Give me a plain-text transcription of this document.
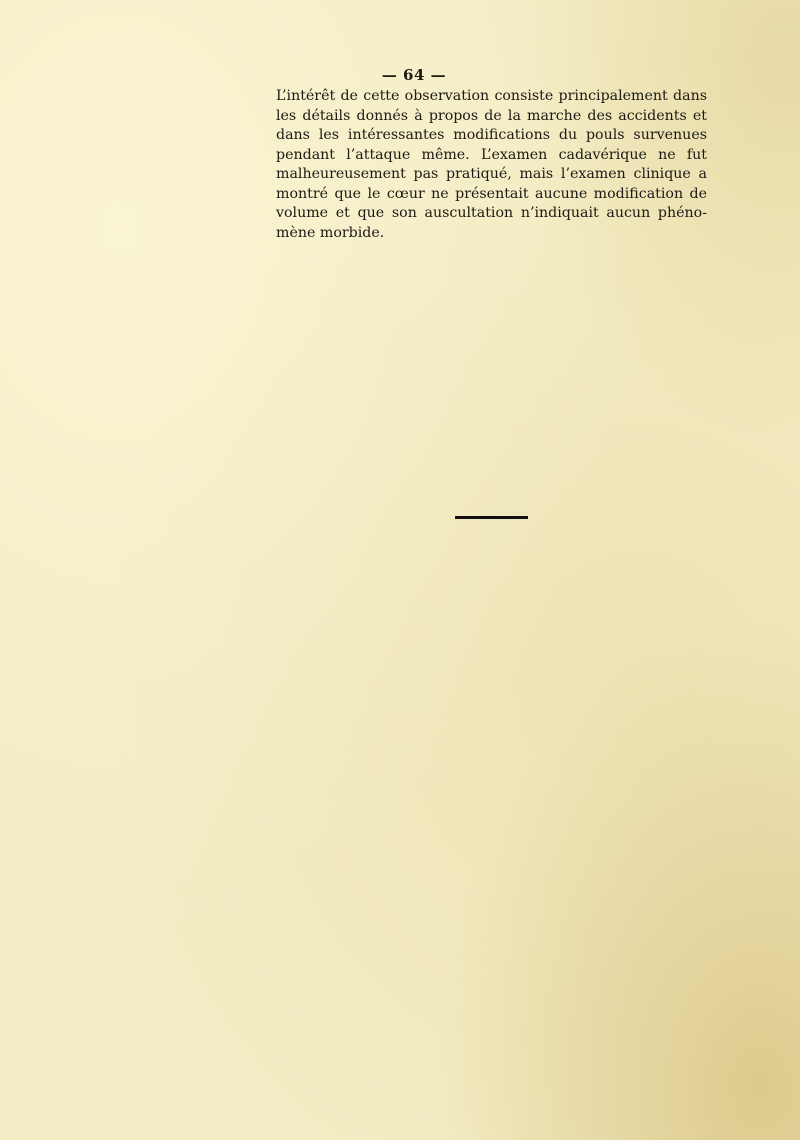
— 64 —

L’intérêt de cette observation consiste principalement dans
les détails donnés à propos de la marche des accidents et
dans les intéressantes modifications du pouls survenues
pendant l’attaque même. L’examen cadavérique ne fut
malheureusement pas pratiqué, mais l’examen clinique a
montré que le cœur ne présentait aucune modification de
volume et que son auscultation n’indiquait aucun phéno-
mène morbide.
